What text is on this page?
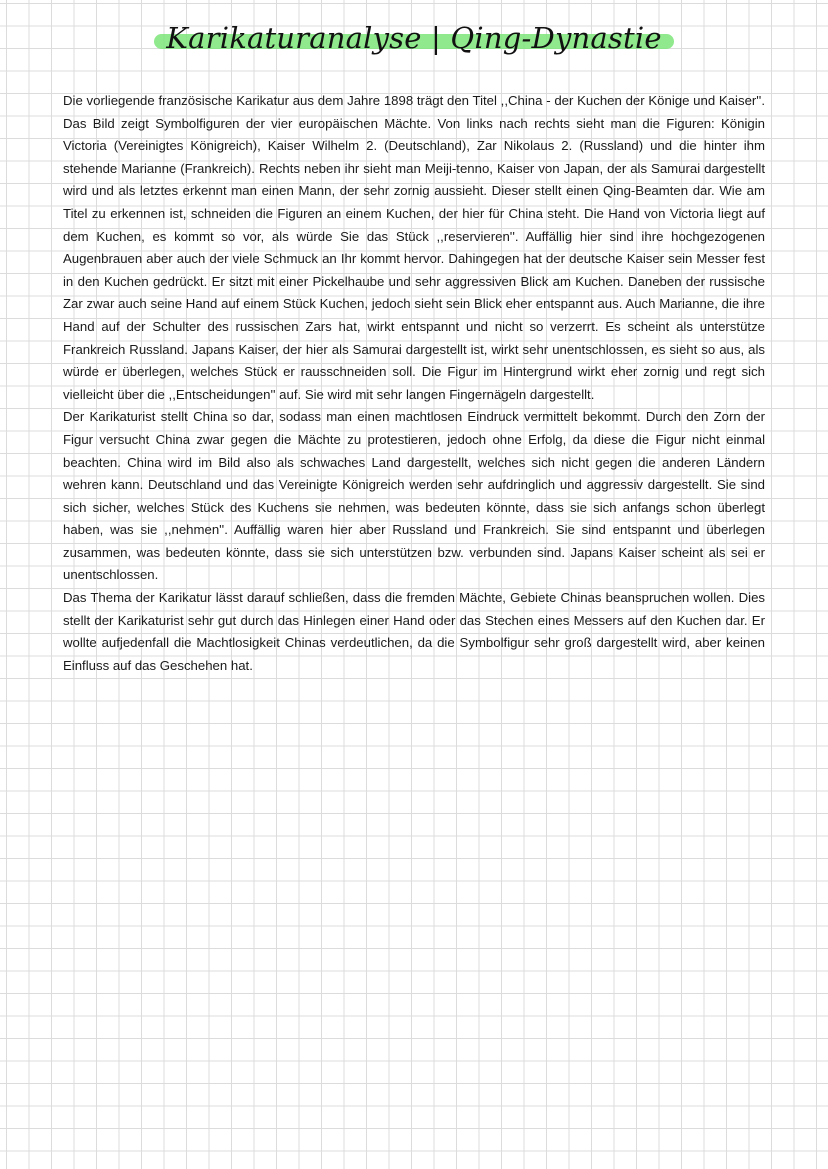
Karikaturanalyse | Qing-Dynastie

Die vorliegende französische Karikatur aus dem Jahre 1898 trägt den Titel ,,China - der Kuchen der Könige und Kaiser''. Das Bild zeigt Symbolfiguren der vier europäischen Mächte. Von links nach rechts sieht man die Figuren: Königin Victoria (Vereinigtes Königreich), Kaiser Wilhelm 2. (Deutschland), Zar Nikolaus 2. (Russland) und die hinter ihm stehende Marianne (Frankreich). Rechts neben ihr sieht man Meiji-tenno, Kaiser von Japan, der als Samurai dargestellt wird und als letztes erkennt man einen Mann, der sehr zornig aussieht. Dieser stellt einen Qing-Beamten dar. Wie am Titel zu erkennen ist, schneiden die Figuren an einem Kuchen, der hier für China steht. Die Hand von Victoria liegt auf dem Kuchen, es kommt so vor, als würde Sie das Stück ,,reservieren''. Auffällig hier sind ihre hochgezogenen Augenbrauen aber auch der viele Schmuck an Ihr kommt hervor. Dahingegen hat der deutsche Kaiser sein Messer fest in den Kuchen gedrückt. Er sitzt mit einer Pickelhaube und sehr aggressiven Blick am Kuchen. Daneben der russische Zar zwar auch seine Hand auf einem Stück Kuchen, jedoch sieht sein Blick eher entspannt aus. Auch Marianne, die ihre Hand auf der Schulter des russischen Zars hat, wirkt entspannt und nicht so verzerrt. Es scheint als unterstütze Frankreich Russland. Japans Kaiser, der hier als Samurai dargestellt ist, wirkt sehr unentschlossen, es sieht so aus, als würde er überlegen, welches Stück er rausschneiden soll. Die Figur im Hintergrund wirkt eher zornig und regt sich vielleicht über die ,,Entscheidungen'' auf. Sie wird mit sehr langen Fingernägeln dargestellt.

Der Karikaturist stellt China so dar, sodass man einen machtlosen Eindruck vermittelt bekommt. Durch den Zorn der Figur versucht China zwar gegen die Mächte zu protestieren, jedoch ohne Erfolg, da diese die Figur nicht einmal beachten. China wird im Bild also als schwaches Land dargestellt, welches sich nicht gegen die anderen Ländern wehren kann. Deutschland und das Vereinigte Königreich werden sehr aufdringlich und aggressiv dargestellt. Sie sind sich sicher, welches Stück des Kuchens sie nehmen, was bedeuten könnte, dass sie sich anfangs schon überlegt haben, was sie ,,nehmen''. Auffällig waren hier aber Russland und Frankreich. Sie sind entspannt und überlegen zusammen, was bedeuten könnte, dass sie sich unterstützen bzw. verbunden sind. Japans Kaiser scheint als sei er unentschlossen.

Das Thema der Karikatur lässt darauf schließen, dass die fremden Mächte, Gebiete Chinas beanspruchen wollen. Dies stellt der Karikaturist sehr gut durch das Hinlegen einer Hand oder das Stechen eines Messers auf den Kuchen dar. Er wollte aufjedenfall die Machtlosigkeit Chinas verdeutlichen, da die Symbolfigur sehr groß dargestellt wird, aber keinen Einfluss auf das Geschehen hat.
